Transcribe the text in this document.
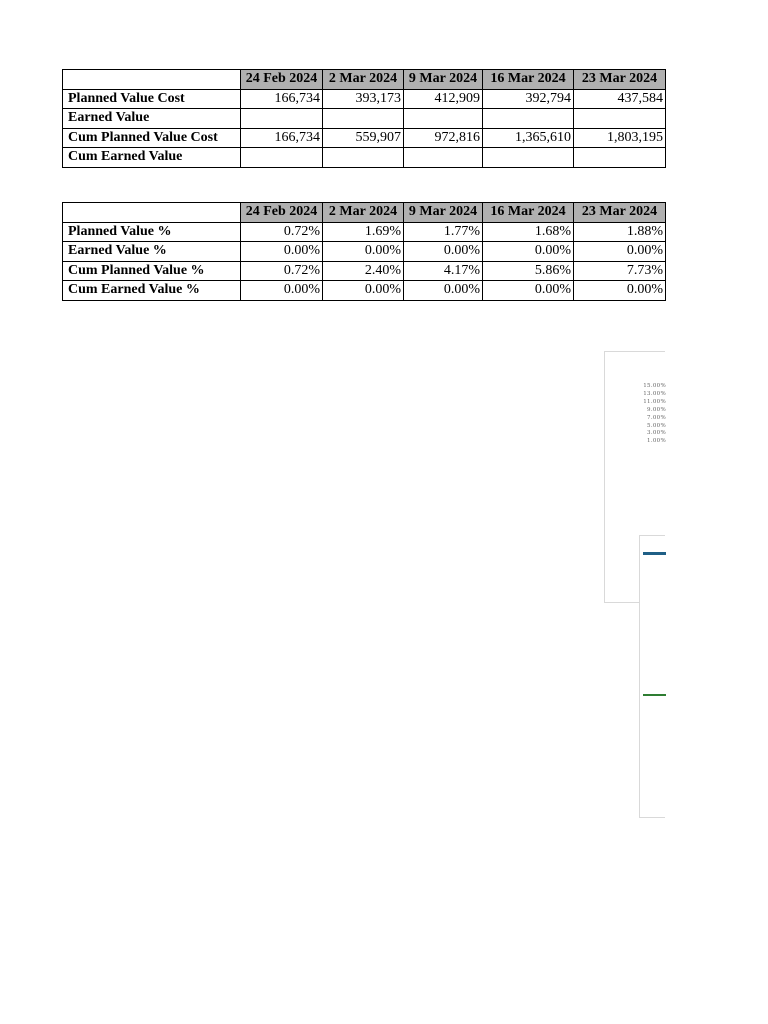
	24 Feb 2024	2 Mar 2024	9 Mar 2024	16 Mar 2024	23 Mar 2024
Planned Value Cost	166,734	393,173	412,909	392,794	437,584
Earned Value					
Cum Planned Value Cost	166,734	559,907	972,816	1,365,610	1,803,195
Cum Earned Value					
	24 Feb 2024	2 Mar 2024	9 Mar 2024	16 Mar 2024	23 Mar 2024
Planned Value %	0.72%	1.69%	1.77%	1.68%	1.88%
Earned Value %	0.00%	0.00%	0.00%	0.00%	0.00%
Cum Planned Value %	0.72%	2.40%	4.17%	5.86%	7.73%
Cum Earned Value %	0.00%	0.00%	0.00%	0.00%	0.00%
15.00%
13.00%
11.00%
9.00%
7.00%
5.00%
3.00%
1.00%
